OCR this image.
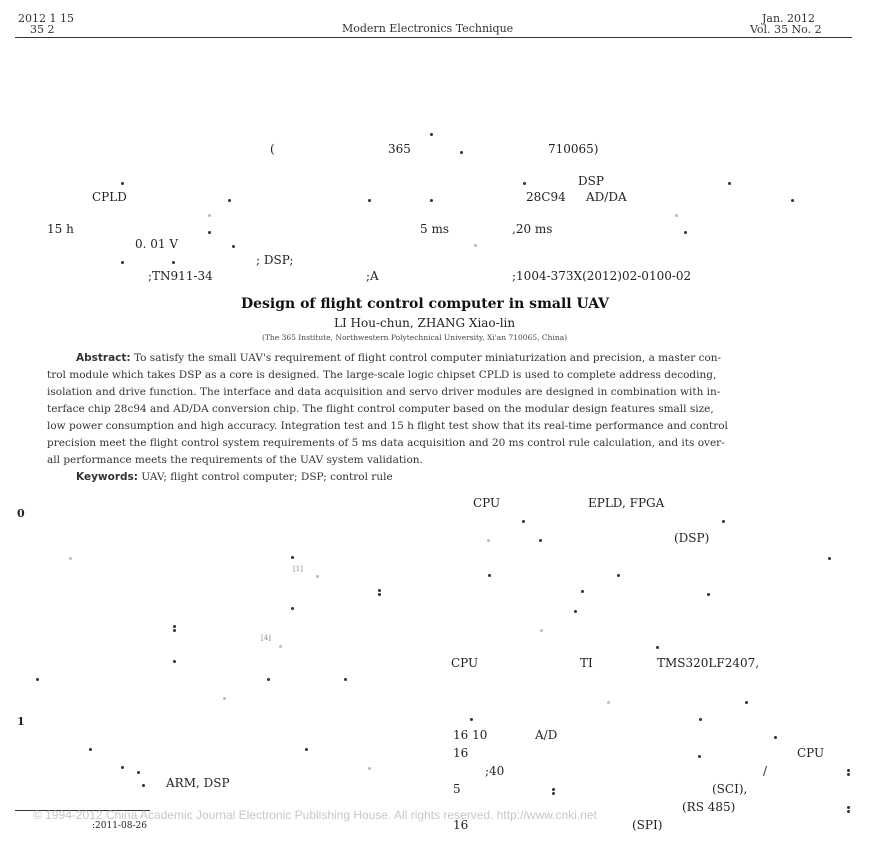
2012 1 15
35 2	Modern Electronics Technique
Jan. 2012
Vol. 35 No. 2
(	365	710065)
DSP
CPLD	28C94 AD/DA
15 h	5 ms	,20 ms
0. 01 V
; DSP;
;TN911-34	;A	;1004-373X(2012)02-0100-02
Design of flight control computer in small UAV
LI Hou-chun, ZHANG Xiao-lin
(The 365 Institute, Northwestern Polytechnical University, Xi'an 710065, China)
Abstract: To satisfy the small UAV's requirement of flight control computer miniaturization and precision, a master con-
trol module which takes DSP as a core is designed. The large-scale logic chipset CPLD is used to complete address decoding,
isolation and drive function. The interface and data acquisition and servo driver modules are designed in combination with in-
terface chip 28c94 and AD/DA conversion chip. The flight control computer based on the modular design features small size,
low power consumption and high accuracy. Integration test and 15 h flight test show that its real-time performance and control
precision meet the flight control system requirements of 5 ms data acquisition and 20 ms control rule calculation, and its over-
all performance meets the requirements of the UAV system validation.
Keywords: UAV; flight control computer; DSP; control rule
0
[1]
[4]
1
ARM, DSP
CPU	EPLD, FPGA
(DSP)
CPU	TI	TMS320LF2407,
16 10	A/D
16	CPU
;40	/
5	(SCI),
(RS 485)
16	(SPI)
© 1994-2012 China Academic Journal Electronic Publishing House. All rights reserved. http://www.cnki.net
:2011-08-26
